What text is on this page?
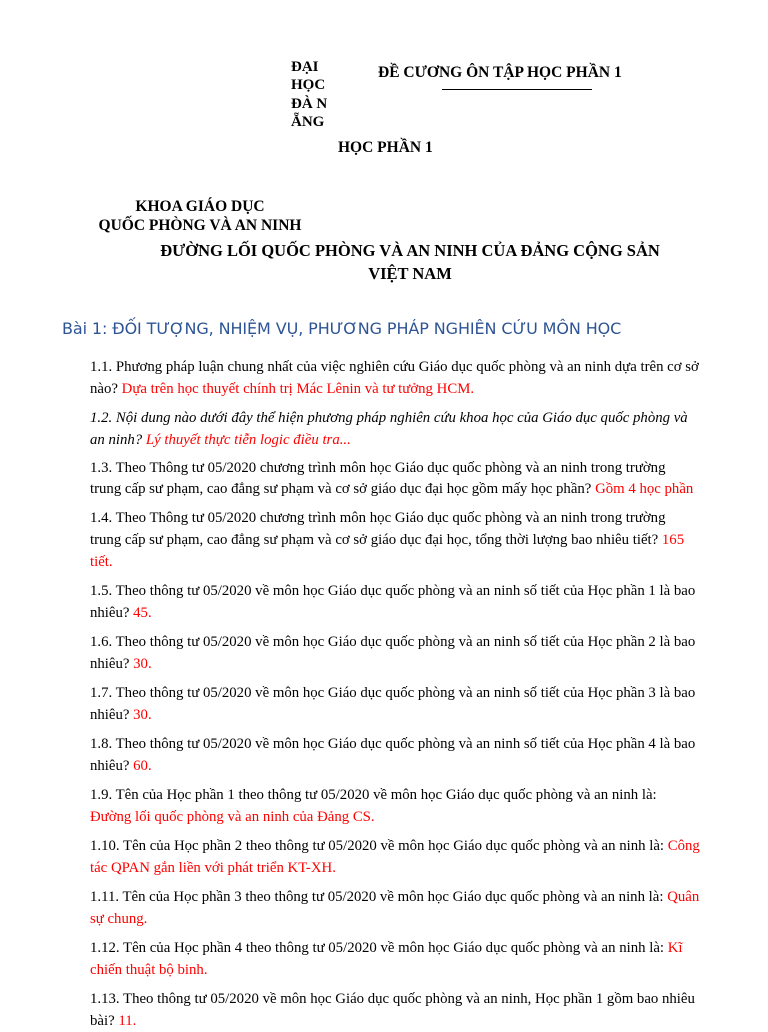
ĐẠI HỌC ĐÀ NẴNG
ĐỀ CƯƠNG ÔN TẬP HỌC PHẦN 1
HỌC PHẦN 1
KHOA GIÁO DỤC
QUỐC PHÒNG VÀ AN NINH
ĐƯỜNG LỐI QUỐC PHÒNG VÀ AN NINH CỦA ĐẢNG CỘNG SẢN VIỆT NAM
Bài 1: ĐỐI TƯỢNG, NHIỆM VỤ, PHƯƠNG PHÁP NGHIÊN CỨU MÔN HỌC
1.1. Phương pháp luận chung nhất của việc nghiên cứu Giáo dục quốc phòng và an ninh dựa trên cơ sở nào? Dựa trên học thuyết chính trị Mác Lênin và tư tưởng HCM.
1.2. Nội dung nào dưới đây thể hiện phương pháp nghiên cứu khoa học của Giáo dục quốc phòng và an ninh? Lý thuyết thực tiễn logic điều tra...
1.3. Theo Thông tư 05/2020 chương trình môn học Giáo dục quốc phòng và an ninh trong trường trung cấp sư phạm, cao đẳng sư phạm và cơ sở giáo dục đại học gồm mấy học phần? Gồm 4 học phần
1.4. Theo Thông tư 05/2020 chương trình môn học Giáo dục quốc phòng và an ninh trong trường trung cấp sư phạm, cao đẳng sư phạm và cơ sở giáo dục đại học, tổng thời lượng bao nhiêu tiết? 165 tiết.
1.5. Theo thông tư 05/2020 về môn học Giáo dục quốc phòng và an ninh số tiết của Học phần 1 là bao nhiêu? 45.
1.6. Theo thông tư 05/2020 về môn học Giáo dục quốc phòng và an ninh số tiết của Học phần 2 là bao nhiêu? 30.
1.7. Theo thông tư 05/2020 về môn học Giáo dục quốc phòng và an ninh số tiết của Học phần 3 là bao nhiêu? 30.
1.8. Theo thông tư 05/2020 về môn học Giáo dục quốc phòng và an ninh số tiết của Học phần 4 là bao nhiêu? 60.
1.9. Tên của Học phần 1 theo thông tư 05/2020 về môn học Giáo dục quốc phòng và an ninh là: Đường lối quốc phòng và an ninh của Đảng CS.
1.10. Tên của Học phần 2 theo thông tư 05/2020 về môn học Giáo dục quốc phòng và an ninh là: Công tác QPAN gắn liền với phát triển KT-XH.
1.11. Tên của Học phần 3 theo thông tư 05/2020 về môn học Giáo dục quốc phòng và an ninh là: Quân sự chung.
1.12. Tên của Học phần 4 theo thông tư 05/2020 về môn học Giáo dục quốc phòng và an ninh là: Kĩ chiến thuật bộ binh.
1.13. Theo thông tư 05/2020 về môn học Giáo dục quốc phòng và an ninh, Học phần 1 gồm bao nhiêu bài? 11.
